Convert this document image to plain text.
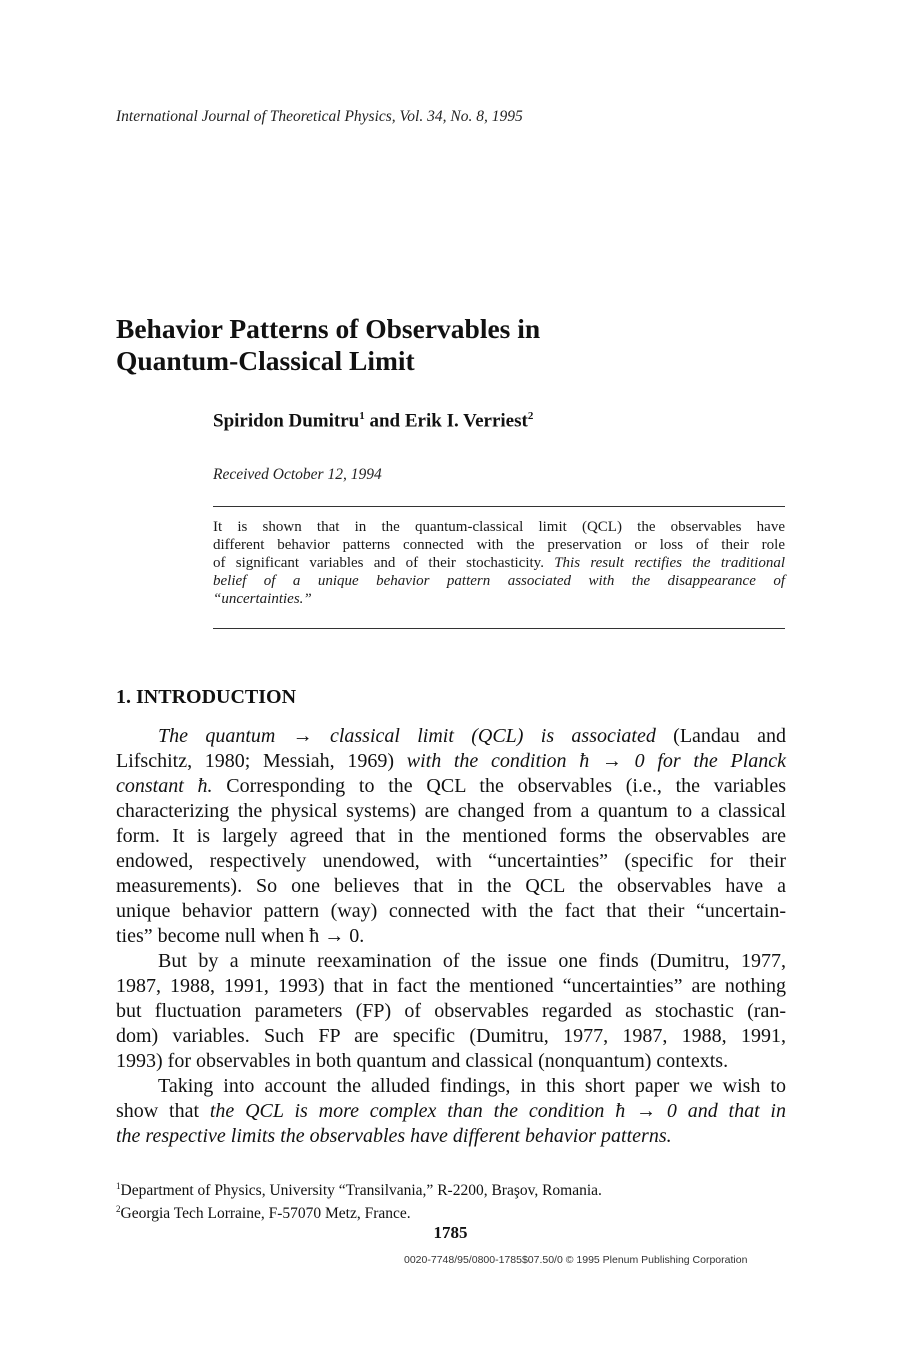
International Journal of Theoretical Physics, Vol. 34, No. 8, 1995
Behavior Patterns of Observables in
Quantum-Classical Limit
Spiridon Dumitru$^1$ and Erik I. Verriest$^2$
Received October 12, 1994
It is shown that in the quantum-classical limit (QCL) the observables have
different behavior patterns connected with the preservation or loss of their role
of significant variables and of their stochasticity. This result rectifies the traditional
belief of a unique behavior pattern associated with the disappearance of
“uncertainties.”
1. INTRODUCTION
The quantum → classical limit (QCL) is associated (Landau and
Lifschitz, 1980; Messiah, 1969) with the condition ħ → 0 for the Planck
constant ħ. Corresponding to the QCL the observables (i.e., the variables
characterizing the physical systems) are changed from a quantum to a classical
form. It is largely agreed that in the mentioned forms the observables are
endowed, respectively unendowed, with “uncertainties” (specific for their
measurements). So one believes that in the QCL the observables have a
unique behavior pattern (way) connected with the fact that their “uncertain-
ties” become null when ħ → 0.
But by a minute reexamination of the issue one finds (Dumitru, 1977,
1987, 1988, 1991, 1993) that in fact the mentioned “uncertainties” are nothing
but fluctuation parameters (FP) of observables regarded as stochastic (ran-
dom) variables. Such FP are specific (Dumitru, 1977, 1987, 1988, 1991,
1993) for observables in both quantum and classical (nonquantum) contexts.
Taking into account the alluded findings, in this short paper we wish to
show that the QCL is more complex than the condition ħ → 0 and that in
the respective limits the observables have different behavior patterns.
$^1$Department of Physics, University “Transilvania,” R-2200, Braşov, Romania.
$^2$Georgia Tech Lorraine, F-57070 Metz, France.
1785
0020-7748/95/0800-1785$07.50/0 © 1995 Plenum Publishing Corporation
